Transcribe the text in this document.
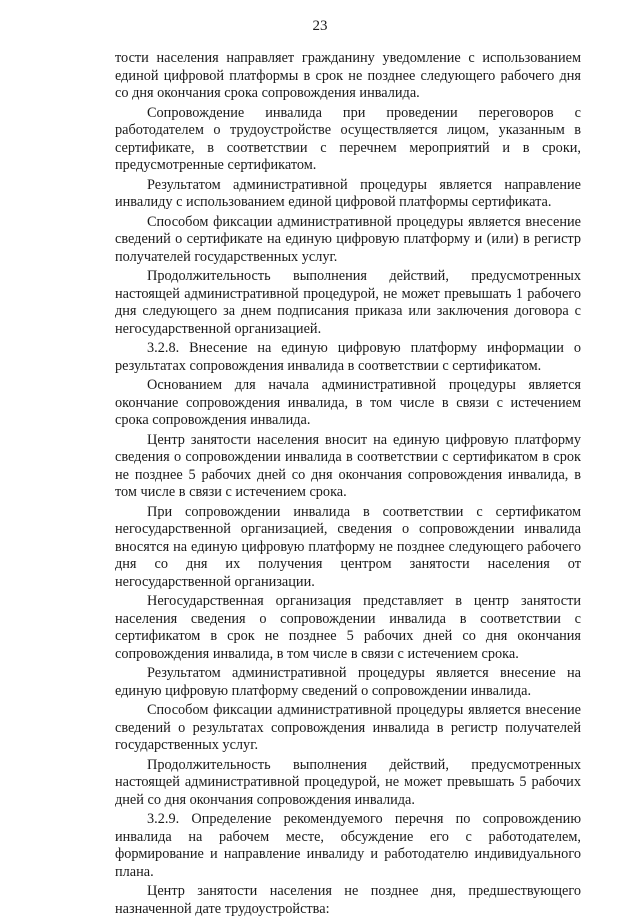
23

тости населения направляет гражданину уведомление с использованием единой цифровой платформы в срок не позднее следующего рабочего дня со дня окончания срока сопровождения инвалида.

Сопровождение инвалида при проведении переговоров с работодателем о трудоустройстве осуществляется лицом, указанным в сертификате, в соответствии с перечнем мероприятий и в сроки, предусмотренные сертификатом.

Результатом административной процедуры является направление инвалиду с использованием единой цифровой платформы сертификата.

Способом фиксации административной процедуры является внесение сведений о сертификате на единую цифровую платформу и (или) в регистр получателей государственных услуг.

Продолжительность выполнения действий, предусмотренных настоящей административной процедурой, не может превышать 1 рабочего дня следующего за днем подписания приказа или заключения договора с негосударственной организацией.

3.2.8. Внесение на единую цифровую платформу информации о результатах сопровождения инвалида в соответствии с сертификатом.

Основанием для начала административной процедуры является окончание сопровождения инвалида, в том числе в связи с истечением срока сопровождения инвалида.

Центр занятости населения вносит на единую цифровую платформу сведения о сопровождении инвалида в соответствии с сертификатом в срок не позднее 5 рабочих дней со дня окончания сопровождения инвалида, в том числе в связи с истечением срока.

При сопровождении инвалида в соответствии с сертификатом негосударственной организацией, сведения о сопровождении инвалида вносятся на единую цифровую платформу не позднее следующего рабочего дня со дня их получения центром занятости населения от негосударственной организации.

Негосударственная организация представляет в центр занятости населения сведения о сопровождении инвалида в соответствии с сертификатом в срок не позднее 5 рабочих дней со дня окончания сопровождения инвалида, в том числе в связи с истечением срока.

Результатом административной процедуры является внесение на единую цифровую платформу сведений о сопровождении инвалида.

Способом фиксации административной процедуры является внесение сведений о результатах сопровождения инвалида в регистр получателей государственных услуг.

Продолжительность выполнения действий, предусмотренных настоящей административной процедурой, не может превышать 5 рабочих дней со дня окончания сопровождения инвалида.

3.2.9. Определение рекомендуемого перечня по сопровождению инвалида на рабочем месте, обсуждение его с работодателем, формирование и направление инвалиду и работодателю индивидуального плана.

Центр занятости населения не позднее дня, предшествующего назначенной дате трудоустройства:
